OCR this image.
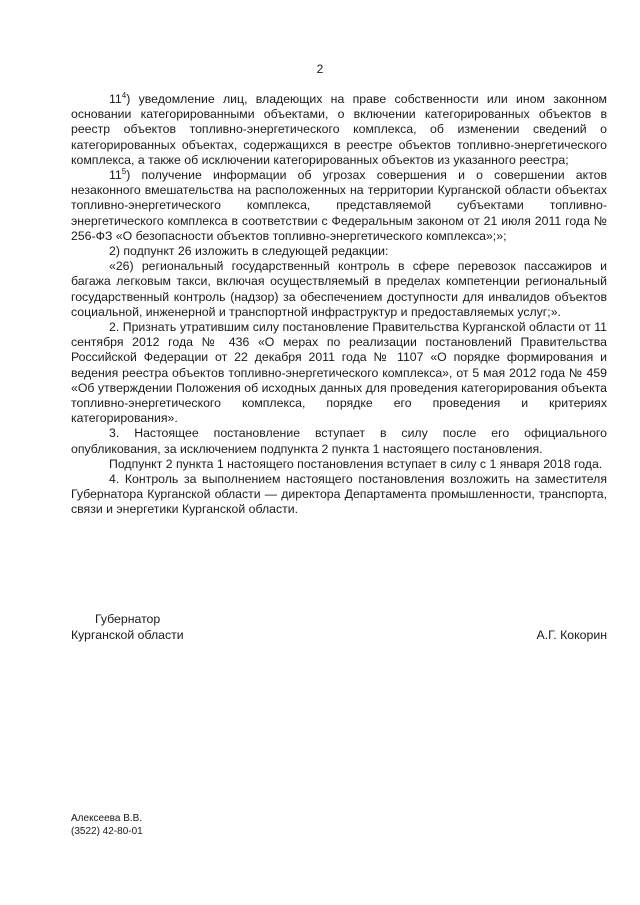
2

$11^4$) уведомление лиц, владеющих на праве собственности или ином законном основании категорированными объектами, о включении категорированных объектов в реестр объектов топливно-энергетического комплекса, об изменении сведений о категорированных объектах, содержащихся в реестре объектов топливно-энергетического комплекса, а также об исключении категорированных объектов из указанного реестра;

$11^5$) получение информации об угрозах совершения и о совершении актов незаконного вмешательства на расположенных на территории Курганской области объектах топливно-энергетического комплекса, представляемой субъектами топливно-энергетического комплекса в соответствии с Федеральным законом от 21 июля 2011 года № 256-ФЗ «О безопасности объектов топливно-энергетического комплекса»;»;

2) подпункт 26 изложить в следующей редакции:

«26) региональный государственный контроль в сфере перевозок пассажиров и багажа легковым такси, включая осуществляемый в пределах компетенции региональный государственный контроль (надзор) за обеспечением доступности для инвалидов объектов социальной, инженерной и транспортной инфраструктур и предоставляемых услуг;».

2. Признать утратившим силу постановление Правительства Курганской области от 11 сентября 2012 года № 436 «О мерах по реализации постановлений Правительства Российской Федерации от 22 декабря 2011 года № 1107 «О порядке формирования и ведения реестра объектов топливно-энергетического комплекса», от 5 мая 2012 года № 459 «Об утверждении Положения об исходных данных для проведения категорирования объекта топливно-энергетического комплекса, порядке его проведения и критериях категорирования».

3. Настоящее постановление вступает в силу после его официального опубликования, за исключением подпункта 2 пункта 1 настоящего постановления.

Подпункт 2 пункта 1 настоящего постановления вступает в силу с 1 января 2018 года.

4. Контроль за выполнением настоящего постановления возложить на заместителя Губернатора Курганской области — директора Департамента промышленности, транспорта, связи и энергетики Курганской области.

Губернатор
Курганской области	А.Г. Кокорин
Алексеева В.В.
(3522) 42-80-01
